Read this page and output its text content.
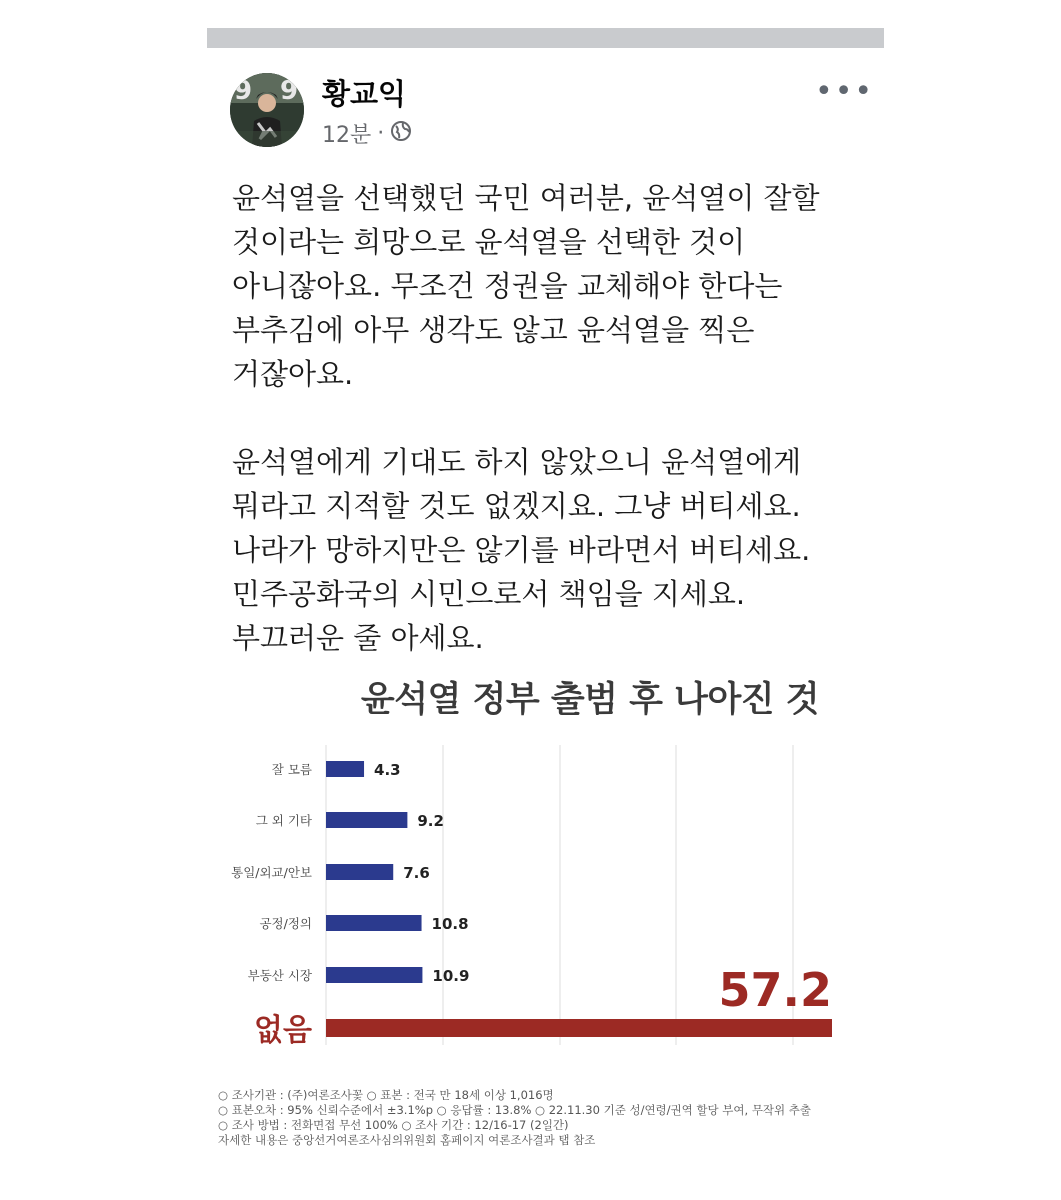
9 9 황교익
12분 ·
•••
윤석열을 선택했던 국민 여러분, 윤석열이 잘할
것이라는 희망으로 윤석열을 선택한 것이
아니잖아요. 무조건 정권을 교체해야 한다는
부추김에 아무 생각도 않고 윤석열을 찍은
거잖아요.

윤석열에게 기대도 하지 않았으니 윤석열에게
뭐라고 지적할 것도 없겠지요. 그냥 버티세요.
나라가 망하지만은 않기를 바라면서 버티세요.
민주공화국의 시민으로서 책임을 지세요.
부끄러운 줄 아세요.
윤석열 정부 출범 후 나아진 것
잘 모름	4.3
그 외 기타	9.2
통일/외교/안보	7.6
공정/정의	10.8
부동산 시장	10.9
없음
57.2
○ 조사기관 : (주)여론조사꽃 ○ 표본 : 전국 만 18세 이상 1,016명
○ 표본오차 : 95% 신뢰수준에서 ±3.1%p ○ 응답률 : 13.8% ○ 22.11.30 기준 성/연령/권역 할당 부여, 무작위 추출
○ 조사 방법 : 전화면접 무선 100% ○ 조사 기간 : 12/16-17 (2일간)
자세한 내용은 중앙선거여론조사심의위원회 홈페이지 여론조사결과 탭 참조
